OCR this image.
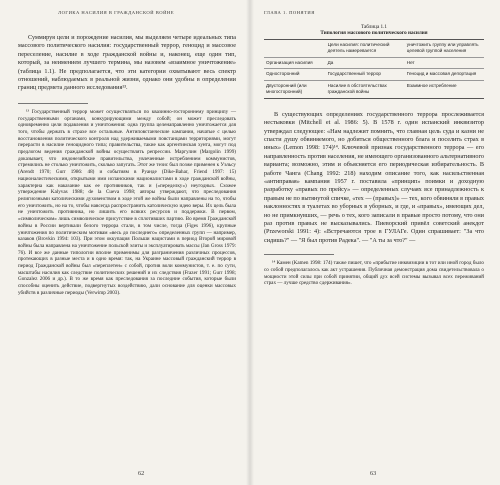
ЛОГИКА НАСИЛИЯ В ГРАЖДАНСКОЙ ВОЙНЕ

Суммируя цели и порождение насилия, мы выделяем четыре идеальных типа массового политического насилия: государственный террор, геноцид и массовое переселение, насилие в ходе гражданской войны и, наконец, еще один тип, который, за неимением лучшего термина, мы назовем «взаимное уничтожение» (таблица 1.1). Не предполагается, что эти категории охватывают весь спектр отношений, наблюдаемых в реальной жизни, однако они удобны в определении границ предмета данного исследования¹³.

¹³ Государственный террор может осуществляться по квазинно-гостороннему принципу — государственными органами, конкурирующими между собой; он может преследовать одновременно цели подавления и уничтожения: одна группа целенаправленно уничтожается для того, чтобы держать в страхе все остальные. Антиповстанческие кампании, начатые с целью восстановления политического контроля над удерживаемыми повстанцами территориями, могут перерасти в насилие геноцидного типа; правительства, такие как аргентинская хунта, могут под предлогом ведения гражданской войны осуществлять репрессии. Маргулин (Margolin 1999) доказывает, что индонезийские правительства, увлеченные истреблением коммунистов, стремились не столько уничтожить, сколько запугать. Этот же тезис был позже применен к Уэльсу (Arendt 1970; Gurr 1986: 48) и событиям в Руанде (Dike-Bahar, Friend 1997: 15) националистическими, открытыми ими испанскими националистами в ходе гражданской войны, характерна как наказание как ее противников, так и («переделку») неугодных. Схожее утверждение Kalyvas 1988; de la Cueva 1998; авторы утверждают, что преследования религиозными католическими духовенством в ходе этой же войны были направлены на то, чтобы его уничтожить, но на то, чтобы навсегда распространить католическую идею веры. Их цель была не уничтожить противника, но лишить его всяких ресурсов и поддержки. В первом, «символическом» лишь символическое присутствие в сплотивших партию. Во время Гражданской войны в России вертикали белого террора стали, в том числе, тогда (Figes 1996), крупные уничтожения по политическим мотивам «весь до последнего» определенных групп — например, казаков (Brovkin 1994: 103). При этом оккупация Польши нацистами в период Второй мировой войны была направлена на уничтожение польской элиты и эксплуатировать массы (Jan Gross 1979: 76). И все же данные типологии вполне применимы для разграничения различных процессов, протекающих в разные места и в одно время: так, на Украине массовый гражданский террор в период Гражданской войны был «переплетен» с собой, против воли коммунистов, т. е. по сути, масштабы насилия как следствие политических решений и их следствия (Frazer 1991; Gurr 1998; Gonzalez 2006 и др.). В то же время как преследования за последние события, которые были способны оценить действие, подвергнутых воздействию, дали основание для оценки массовых убийств в различные периоды (Verwimp 2003).

62
ГЛАВА 1. ПОНЯТИЯ
Таблица 1.1
Типология массового политического насилия
	Цели насилия: политический деятель намеревается	уничтожить группу или управлять целевой группой населения
Организация насилия	Да	Нет
Односторонний	Государственный террор	Геноцид и массовая депортация
Двусторонний (или многосторонний)	Насилие в обстоятельствах гражданской войны	Взаимное истребление

В существующих определениях государственного террора прослеживается нестыковки (Mitchell et al. 1986: 5). В 1578 г. один испанский инквизитор утверждал следующее: «Нам надлежит помнить, что главная цель суда и казни не спасти душу обвиняемого, но добиться общественного блага и поселить страх в иных» (Lemon 1998: 174)¹⁴. Ключевой признак государственного террора — его направленность против населения, не имеющего организованного альтернативного варианта; возможно, этим и объясняется его периодическая избирательность. В работе Чанга (Chang 1992: 218) находим описание того, как насильственная «антиправая» кампания 1957 г. поставила «принцип» поимки и доходную разработку «правых по прейсу» — определенных случаях все принадлежность к правым не по вытянутой спичке, «тех — (правых)» — тех, кого обвиняли в правых наклонностях в туалетах во уборных в уборных, и где, и «правых», имеющих дел, но не примкнувших, — речь о тех, кого записали в правые просто потому, что они раз против правых не высказывались. Пиеворский привёл советский анекдот (Przeworski 1991: 4): «Встречаются трое в ГУЛАГе. Один спрашивает: "За что сидишь?" — "Я был против Радека". — "А ты за что?" —

¹⁴ Камен (Kamen 1998: 174) также пишет, что «прибытие инквизиции в тот или иной город было со собой предполагалось как акт устрашения. Публичная демонстрация дома свидетельствовала о мощности этой силы при собой принятии, общий дух всей системы вызывал всех переживаний страх — лучше средство сдерживания».

63
